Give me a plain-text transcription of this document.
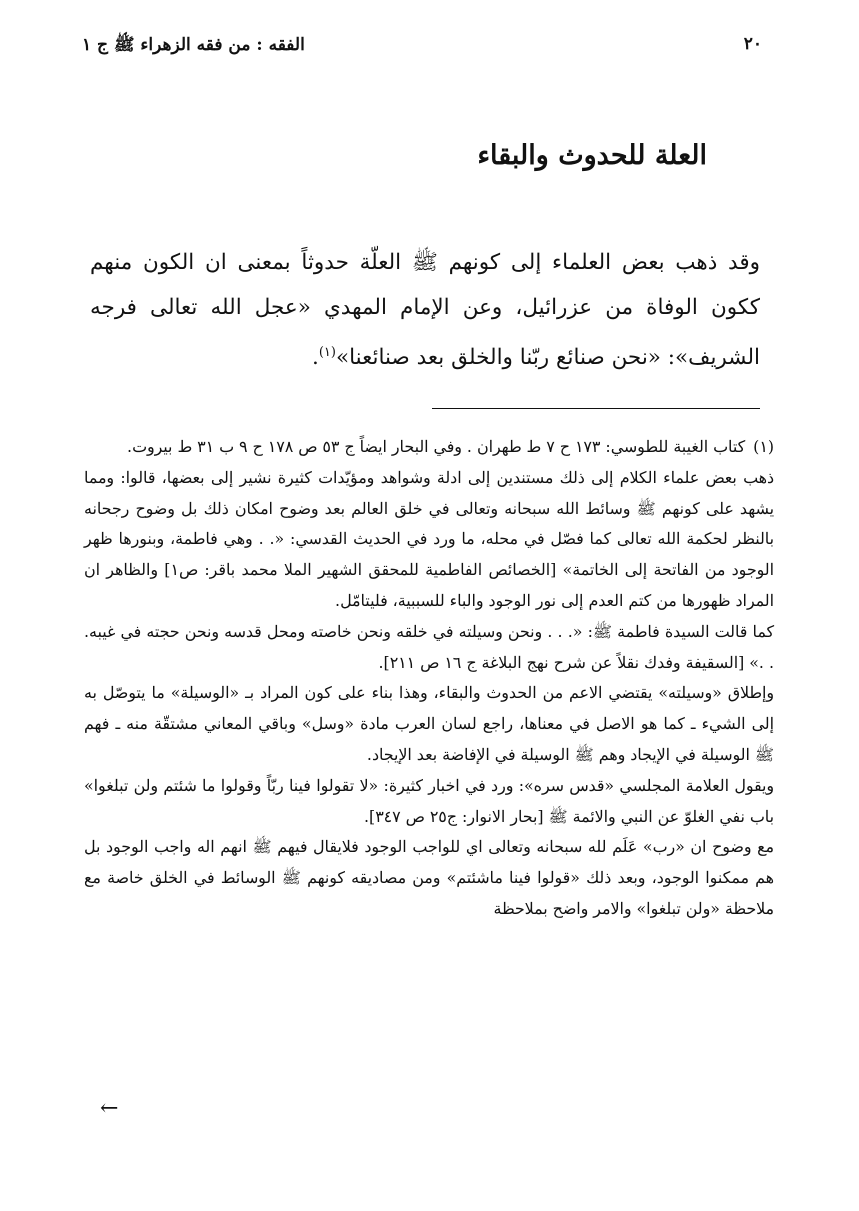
٢٠
الفقه : من فقه الزهراء ﷺ ج ١
العلة للحدوث والبقاء

وقد ذهب بعض العلماء إلى كونهم ﷺ العلّة حدوثاً بمعنى ان الكون منهم ككون الوفاة من عزرائيل، وعن الإمام المهدي «عجل الله تعالى فرجه الشريف»: «نحن صنائع ربّنا والخلق بعد صنائعنا»$^{(١)}$.

(١)كتاب الغيبة للطوسي: ١٧٣ ح ٧ ط طهران . وفي البحار ايضاً ج ٥٣ ص ١٧٨ ح ٩ ب ٣١ ط بيروت.

ذهب بعض علماء الكلام إلى ذلك مستندين إلى ادلة وشواهد ومؤيّدات كثيرة نشير إلى بعضها، قالوا: ومما يشهد على كونهم ﷺ وسائط الله سبحانه وتعالى في خلق العالم بعد وضوح امكان ذلك بل وضوح رجحانه بالنظر لحكمة الله تعالى كما فصّل في محله، ما ورد في الحديث القدسي: «. . وهي فاطمة، وبنورها ظهر الوجود من الفاتحة إلى الخاتمة» [الخصائص الفاطمية للمحقق الشهير الملا محمد باقر: ص١] والظاهر ان المراد ظهورها من كتم العدم إلى نور الوجود والباء للسببية، فليتامّل.

كما قالت السيدة فاطمة ﷺ: «. . . ونحن وسيلته في خلقه ونحن خاصته ومحل قدسه ونحن حجته في غيبه. . .» [السقيفة وفدك نقلاً عن شرح نهج البلاغة ج ١٦ ص ٢١١].

وإطلاق «وسيلته» يقتضي الاعم من الحدوث والبقاء، وهذا بناء على كون المراد بـ «الوسيلة» ما يتوصّل به إلى الشيء ـ كما هو الاصل في معناها، راجع لسان العرب مادة «وسل» وباقي المعاني مشتقّة منه ـ فهم ﷺ الوسيلة في الإيجاد وهم ﷺ الوسيلة في الإفاضة بعد الإيجاد.

ويقول العلامة المجلسي «قدس سره»: ورد في اخبار كثيرة: «لا تقولوا فينا ربّاً وقولوا ما شئتم ولن تبلغوا» باب نفي الغلوّ عن النبي والائمة ﷺ [بحار الانوار: ج٢٥ ص ٣٤٧].

مع وضوح ان «رب» عَلَم لله سبحانه وتعالى اي للواجب الوجود فلايقال فيهم ﷺ انهم اله واجب الوجود بل هم ممكنوا الوجود، وبعد ذلك «قولوا فينا ماشئتم» ومن مصاديقه كونهم ﷺ الوسائط في الخلق خاصة مع ملاحظة «ولن تبلغوا» والامر واضح بملاحظة

←
